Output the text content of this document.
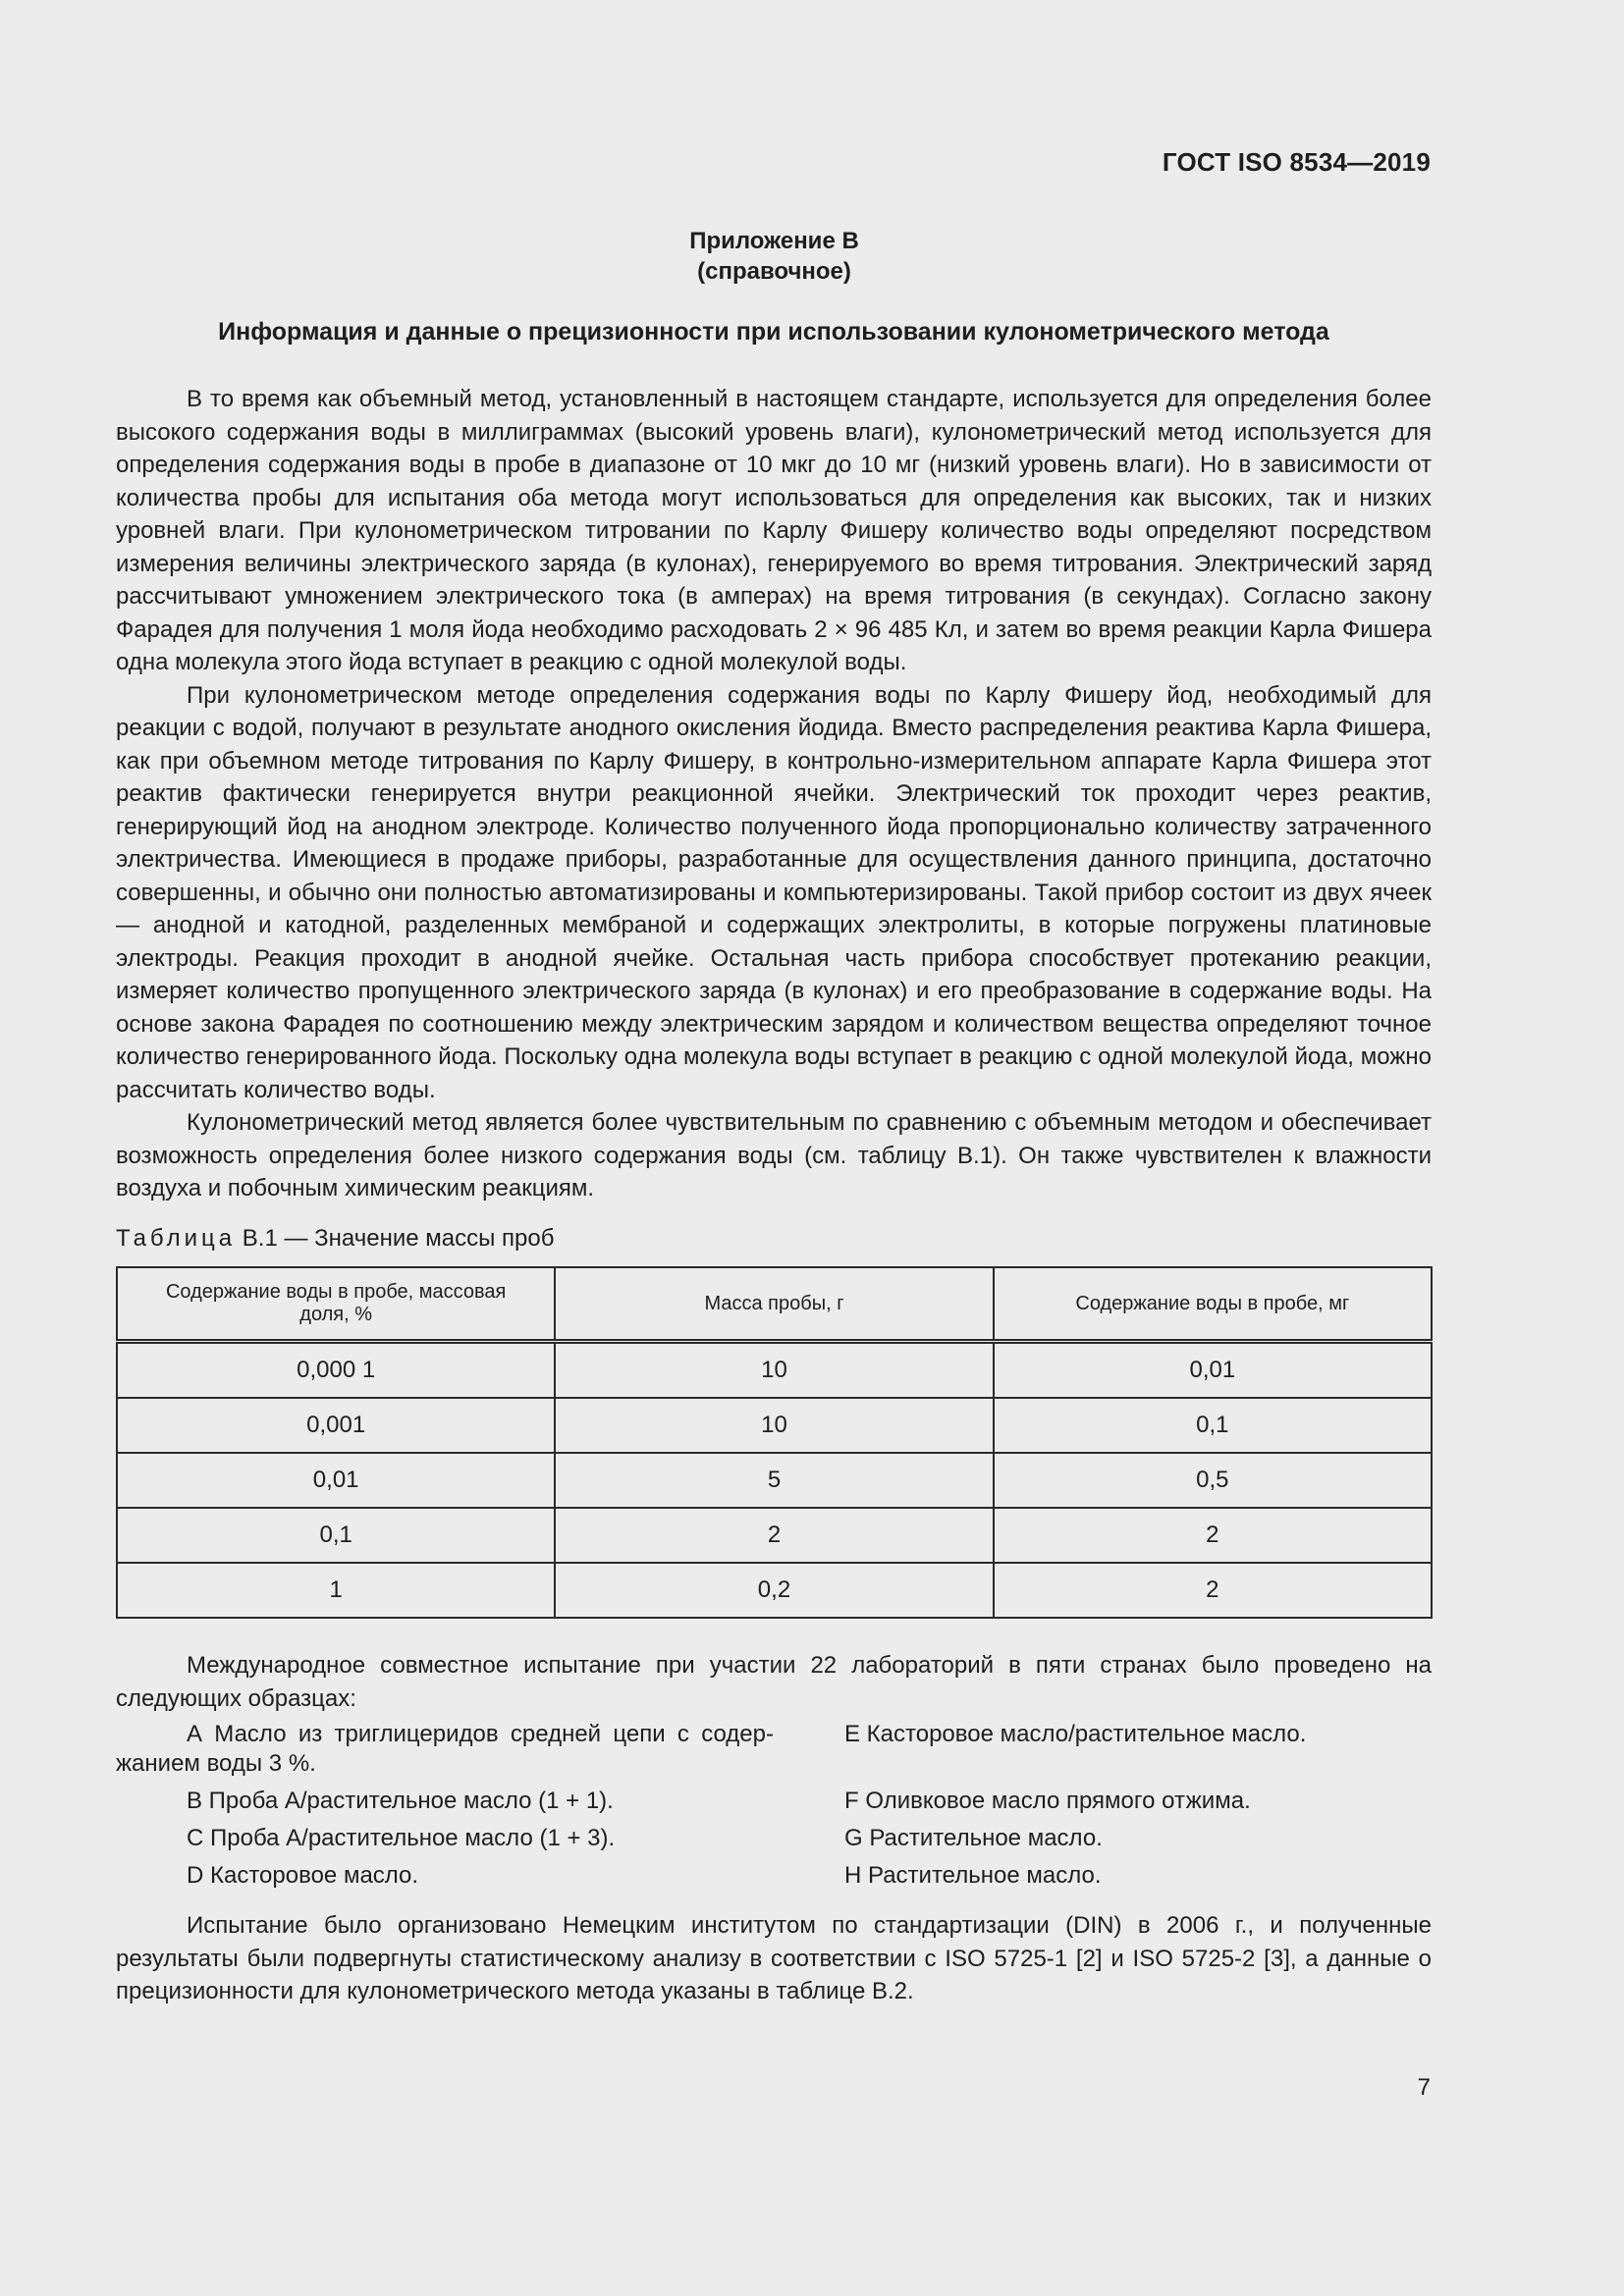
ГОСТ ISO 8534—2019
Приложение В
(справочное)
Информация и данные о прецизионности при использовании кулонометрического метода

В то время как объемный метод, установленный в настоящем стандарте, используется для определения более высокого содержания воды в миллиграммах (высокий уровень влаги), кулонометрический метод используется для определения содержания воды в пробе в диапазоне от 10 мкг до 10 мг (низкий уровень влаги). Но в зависимости от количества пробы для испытания оба метода могут использоваться для определения как высоких, так и низких уровней влаги. При кулонометрическом титровании по Карлу Фишеру количество воды определяют посредством измерения величины электрического заряда (в кулонах), генерируемого во время титрования. Электрический заряд рассчитывают умножением электрического тока (в амперах) на время титрования (в секундах). Согласно закону Фарадея для получения 1 моля йода необходимо расходовать 2 × 96 485 Кл, и затем во время реакции Карла Фишера одна молекула этого йода вступает в реакцию с одной молекулой воды.

При кулонометрическом методе определения содержания воды по Карлу Фишеру йод, необходимый для реакции с водой, получают в результате анодного окисления йодида. Вместо распределения реактива Карла Фишера, как при объемном методе титрования по Карлу Фишеру, в контрольно-измерительном аппарате Карла Фишера этот реактив фактически генерируется внутри реакционной ячейки. Электрический ток проходит через реактив, генерирующий йод на анодном электроде. Количество полученного йода пропорционально количеству затраченного электричества. Имеющиеся в продаже приборы, разработанные для осуществления данного принципа, достаточно совершенны, и обычно они полностью автоматизированы и компьютеризированы. Такой прибор состоит из двух ячеек — анодной и катодной, разделенных мембраной и содержащих электролиты, в которые погружены платиновые электроды. Реакция проходит в анодной ячейке. Остальная часть прибора способствует протеканию реакции, измеряет количество пропущенного электрического заряда (в кулонах) и его преобразование в содержание воды. На основе закона Фарадея по соотношению между электрическим зарядом и количеством вещества определяют точное количество генерированного йода. Поскольку одна молекула воды вступает в реакцию с одной молекулой йода, можно рассчитать количество воды.

Кулонометрический метод является более чувствительным по сравнению с объемным методом и обеспечивает возможность определения более низкого содержания воды (см. таблицу В.1). Он также чувствителен к влажности воздуха и побочным химическим реакциям.

Таблица В.1 — Значение массы проб
Содержание воды в пробе, массовая доля, %	Масса пробы, г	Содержание воды в пробе, мг
0,000 1	10	0,01
0,001	10	0,1
0,01	5	0,5
0,1	2	2
1	0,2	2

Международное совместное испытание при участии 22 лабораторий в пяти странах было проведено на следующих образцах:

А Масло из триглицеридов средней цепи с содер-

жанием воды 3 %.

В Проба А/растительное масло (1 + 1).

С Проба А/растительное масло (1 + 3).

D Касторовое масло.

Е Касторовое масло/растительное масло.

F Оливковое масло прямого отжима.

G Растительное масло.

Н Растительное масло.

Испытание было организовано Немецким институтом по стандартизации (DIN) в 2006 г., и полученные результаты были подвергнуты статистическому анализу в соответствии с ISO 5725-1 [2] и ISO 5725-2 [3], а данные о прецизионности для кулонометрического метода указаны в таблице В.2.

7
